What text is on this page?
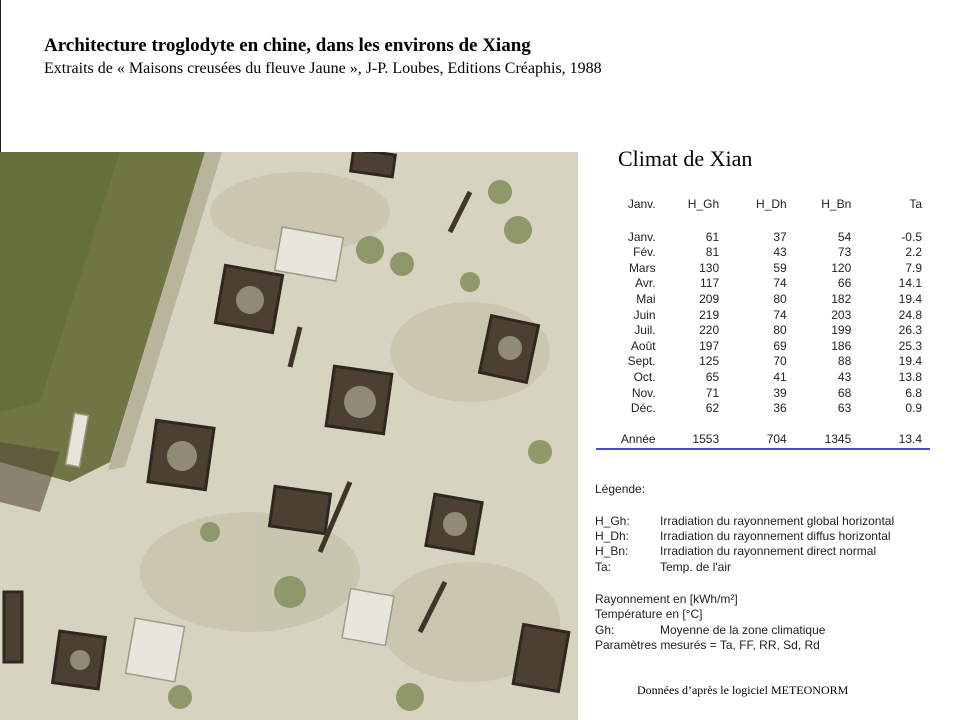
Architecture troglodyte en chine, dans les environs de Xiang
Extraits de « Maisons creusées du fleuve Jaune », J-P. Loubes, Editions Créaphis, 1988
Climat de Xian
Janv.	H_Gh	H_Dh	H_Bn	Ta

Janv.	61	37	54	-0.5
Fév.	81	43	73	2.2
Mars	130	59	120	7.9
Avr.	117	74	66	14.1
Mai	209	80	182	19.4
Juin	219	74	203	24.8
Juil.	220	80	199	26.3
Août	197	69	186	25.3
Sept.	125	70	88	19.4
Oct.	65	41	43	13.8
Nov.	71	39	68	6.8
Déc.	62	36	63	0.9

Année	1553	704	1345	13.4
Légende:
H_Gh:	Irradiation du rayonnement global horizontal
H_Dh:	Irradiation du rayonnement diffus horizontal
H_Bn:	Irradiation du rayonnement direct normal
Ta:	Temp. de l'air
Rayonnement en [kWh/m²]
Température en [°C]
Gh:	Moyenne de la zone climatique
Paramètres mesurés = Ta, FF, RR, Sd, Rd
Données d’après le logiciel METEONORM
